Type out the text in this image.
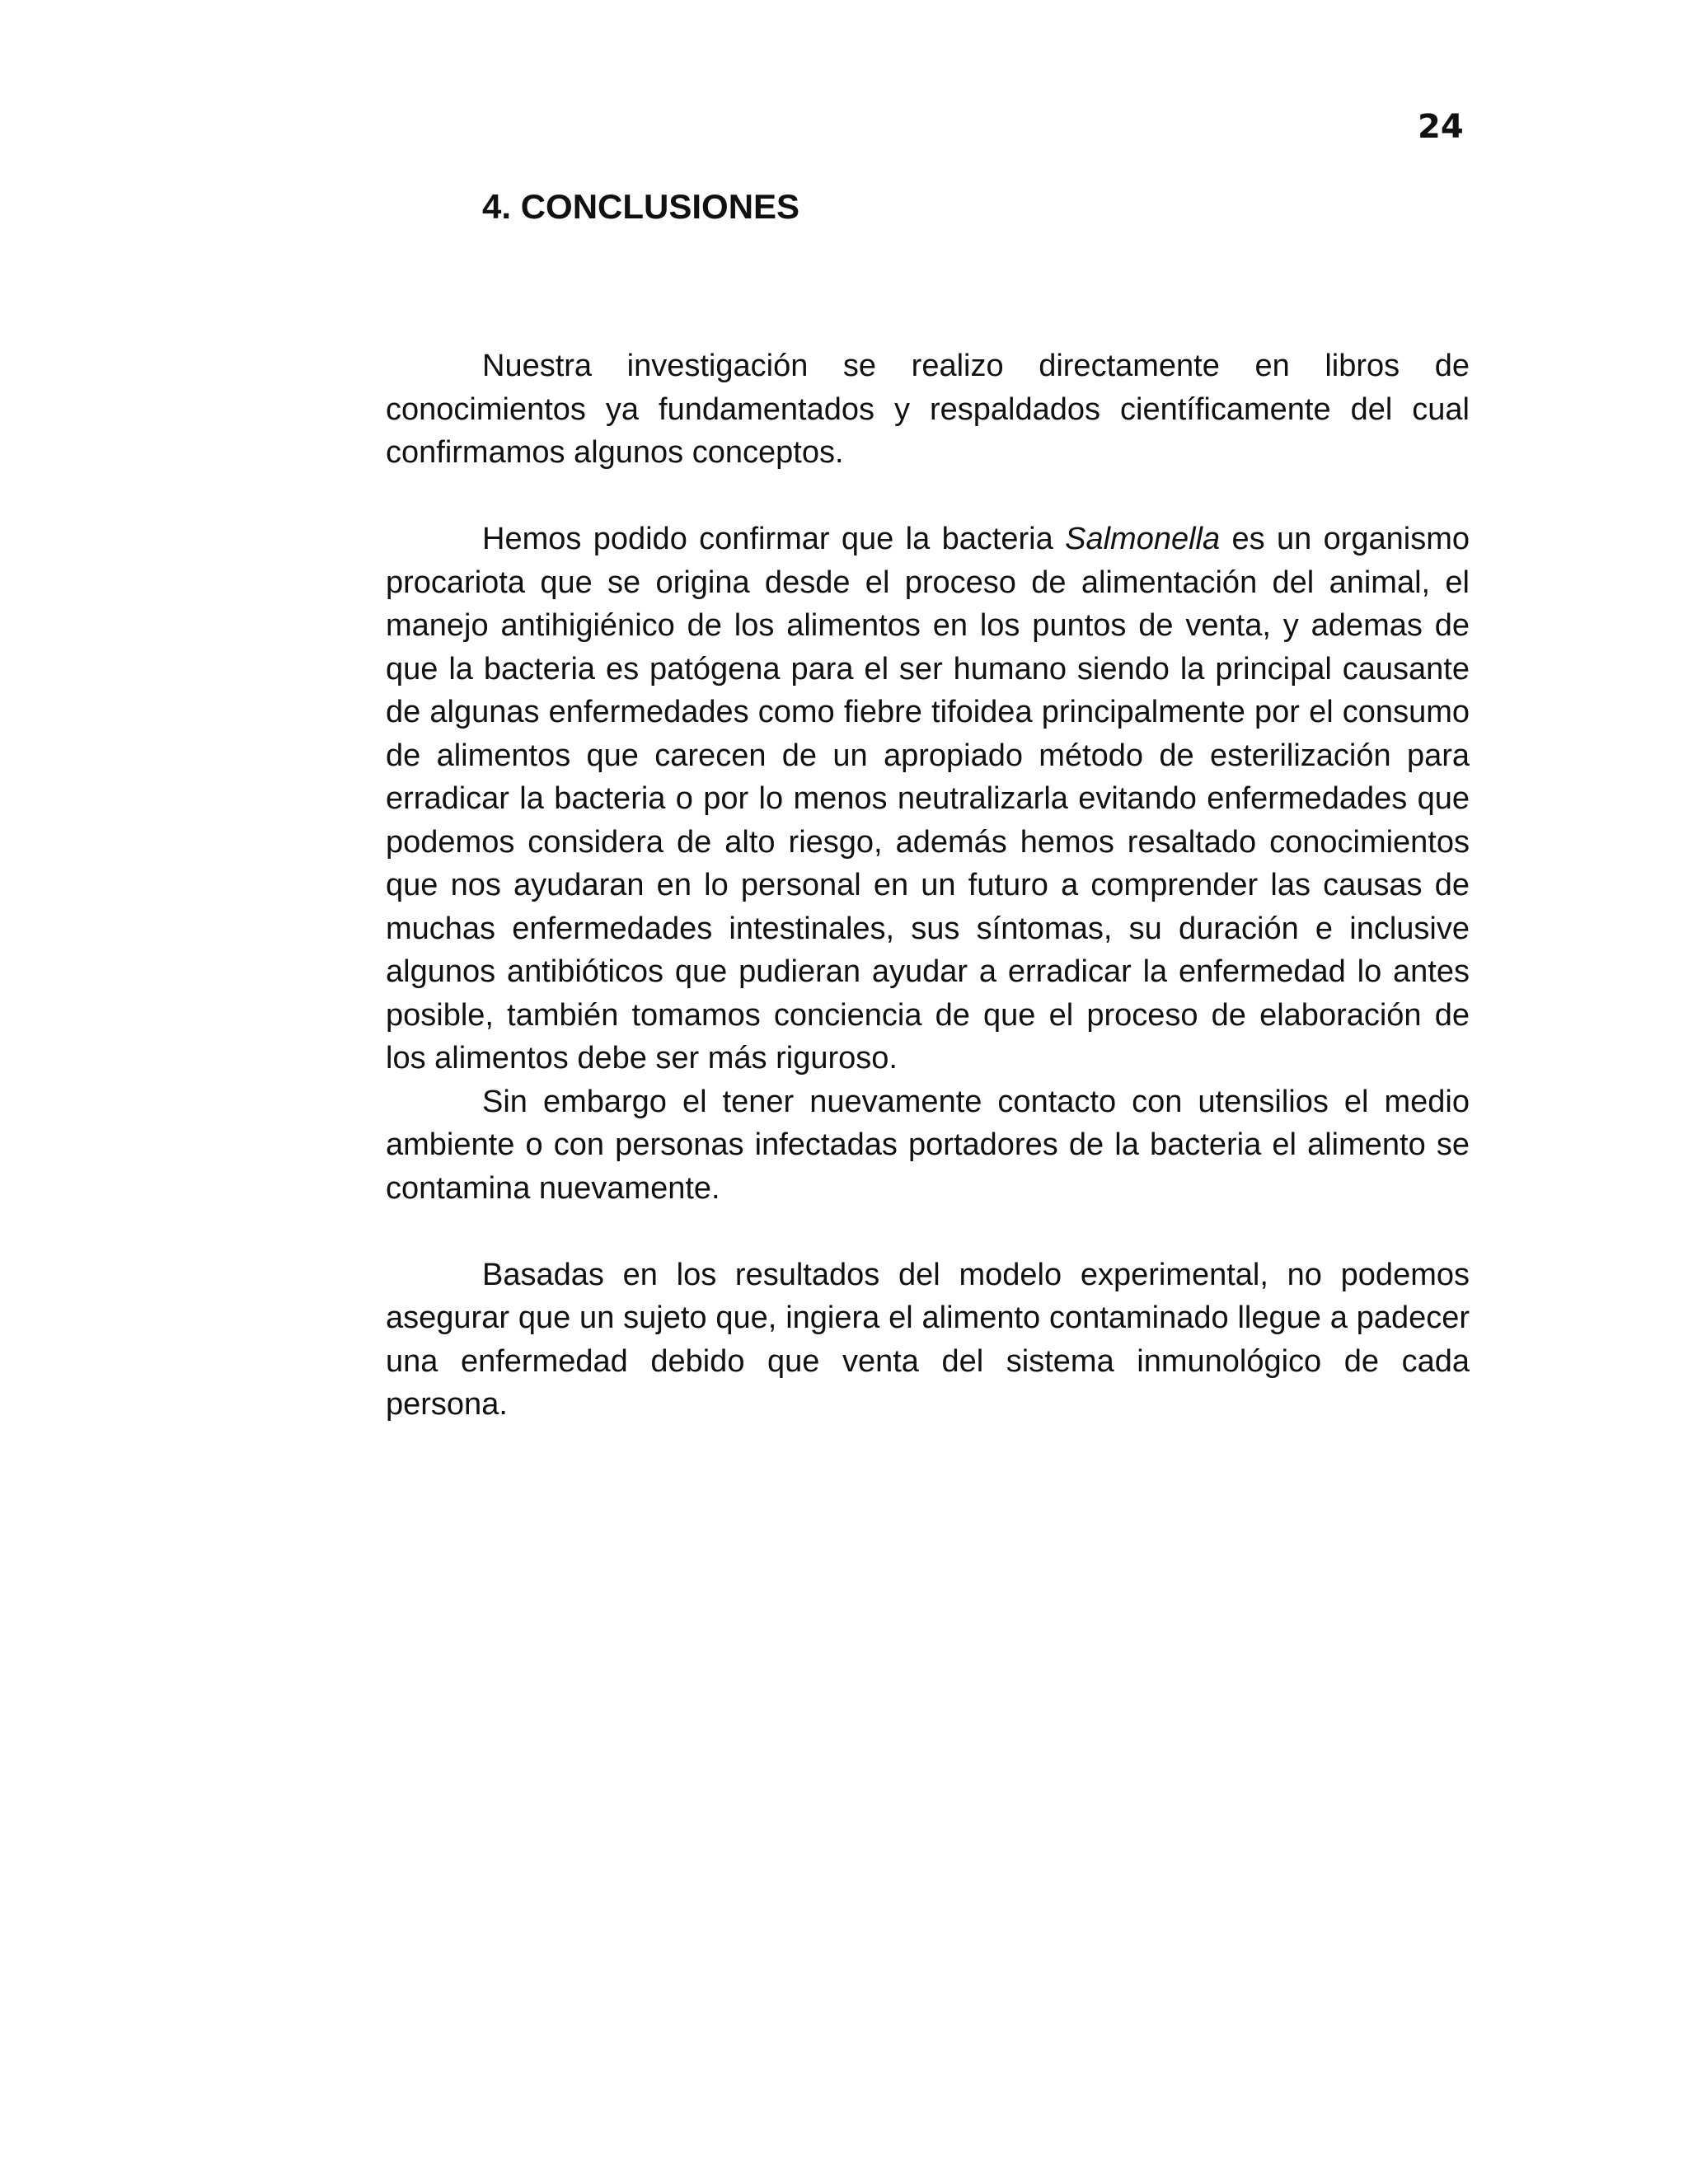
24
4. CONCLUSIONES

Nuestra investigación se realizo directamente en libros de conocimientos ya fundamentados y respaldados científicamente del cual confirmamos algunos conceptos.

Hemos podido confirmar que la bacteria Salmonella es un organismo procariota que se origina desde el proceso de alimentación del animal, el manejo antihigiénico de los alimentos en los puntos de venta, y ademas de que la bacteria es patógena para el ser humano siendo la principal causante de algunas enfermedades como fiebre tifoidea principalmente por el consumo de alimentos que carecen de un apropiado método de esterilización para erradicar la bacteria o por lo menos neutralizarla evitando enfermedades que podemos considera de alto riesgo, además hemos resaltado conocimientos que nos ayudaran en lo personal en un futuro a comprender las causas de muchas enfermedades intestinales, sus síntomas, su duración e inclusive algunos antibióticos que pudieran ayudar a erradicar la enfermedad lo antes posible, también tomamos conciencia de que el proceso de elaboración de los alimentos debe ser más riguroso.

Sin embargo el tener nuevamente contacto con utensilios el medio ambiente o con personas infectadas portadores de la bacteria el alimento se contamina nuevamente.

Basadas en los resultados del modelo experimental, no podemos asegurar que un sujeto que, ingiera el alimento contaminado llegue a padecer una enfermedad debido que venta del sistema inmunológico de cada persona.
